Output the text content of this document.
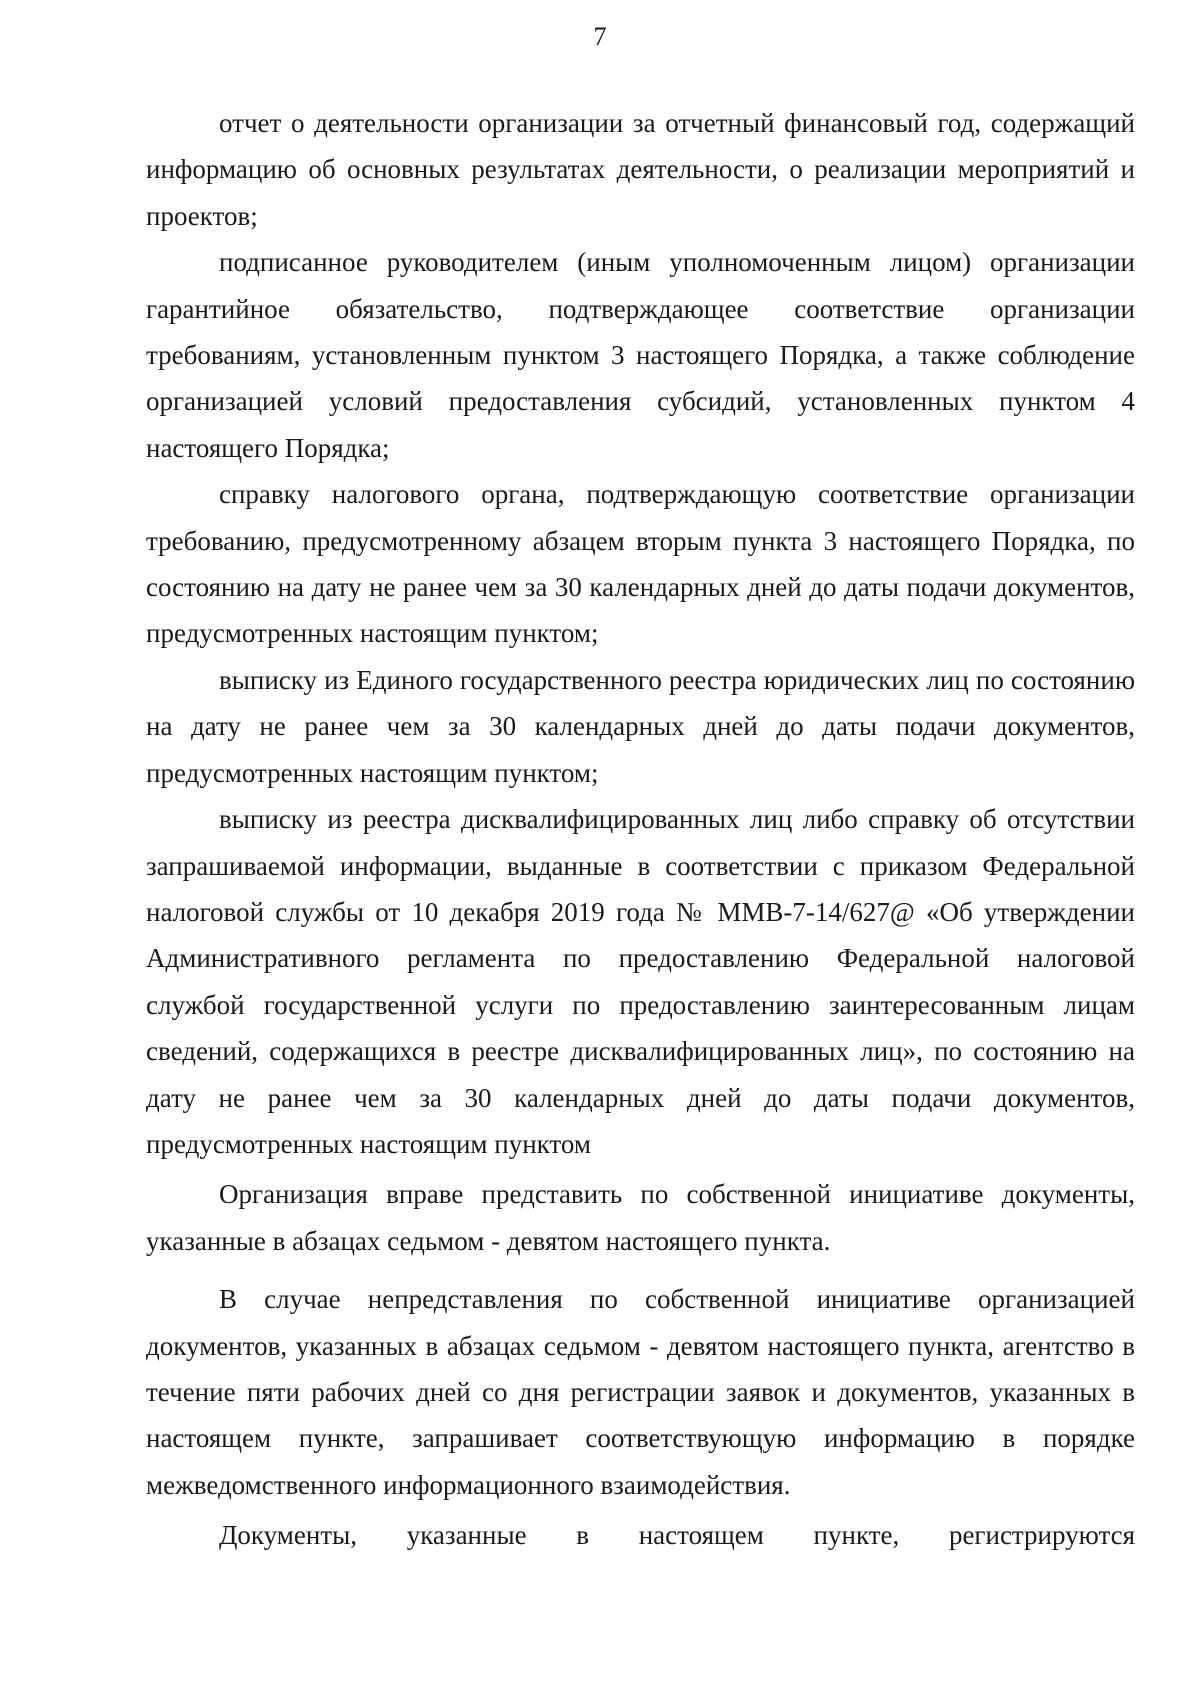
7

отчет о деятельности организации за отчетный финансовый год, содержащий информацию об основных результатах деятельности, о реализации мероприятий и проектов;

подписанное руководителем (иным уполномоченным лицом) организации гарантийное обязательство, подтверждающее соответствие организации требованиям, установленным пунктом 3 настоящего Порядка, а также соблюдение организацией условий предоставления субсидий, установленных пунктом 4 настоящего Порядка;

справку налогового органа, подтверждающую соответствие организации требованию, предусмотренному абзацем вторым пункта 3 настоящего Порядка, по состоянию на дату не ранее чем за 30 календарных дней до даты подачи документов, предусмотренных настоящим пунктом;

выписку из Единого государственного реестра юридических лиц по состоянию на дату не ранее чем за 30 календарных дней до даты подачи документов, предусмотренных настоящим пунктом;

выписку из реестра дисквалифицированных лиц либо справку об отсутствии запрашиваемой информации, выданные в соответствии с приказом Федеральной налоговой службы от 10 декабря 2019 года № ММВ-7-14/627@ «Об утверждении Административного регламента по предоставлению Федеральной налоговой службой государственной услуги по предоставлению заинтересованным лицам сведений, содержащихся в реестре дисквалифицированных лиц», по состоянию на дату не ранее чем за 30 календарных дней до даты подачи документов, предусмотренных настоящим пунктом

Организация вправе представить по собственной инициативе документы, указанные в абзацах седьмом - девятом настоящего пункта.

В случае непредставления по собственной инициативе организацией документов, указанных в абзацах седьмом - девятом настоящего пункта, агентство в течение пяти рабочих дней со дня регистрации заявок и документов, указанных в настоящем пункте, запрашивает соответствующую информацию в порядке межведомственного информационного взаимодействия.

Документы, указанные в настоящем пункте, регистрируются
